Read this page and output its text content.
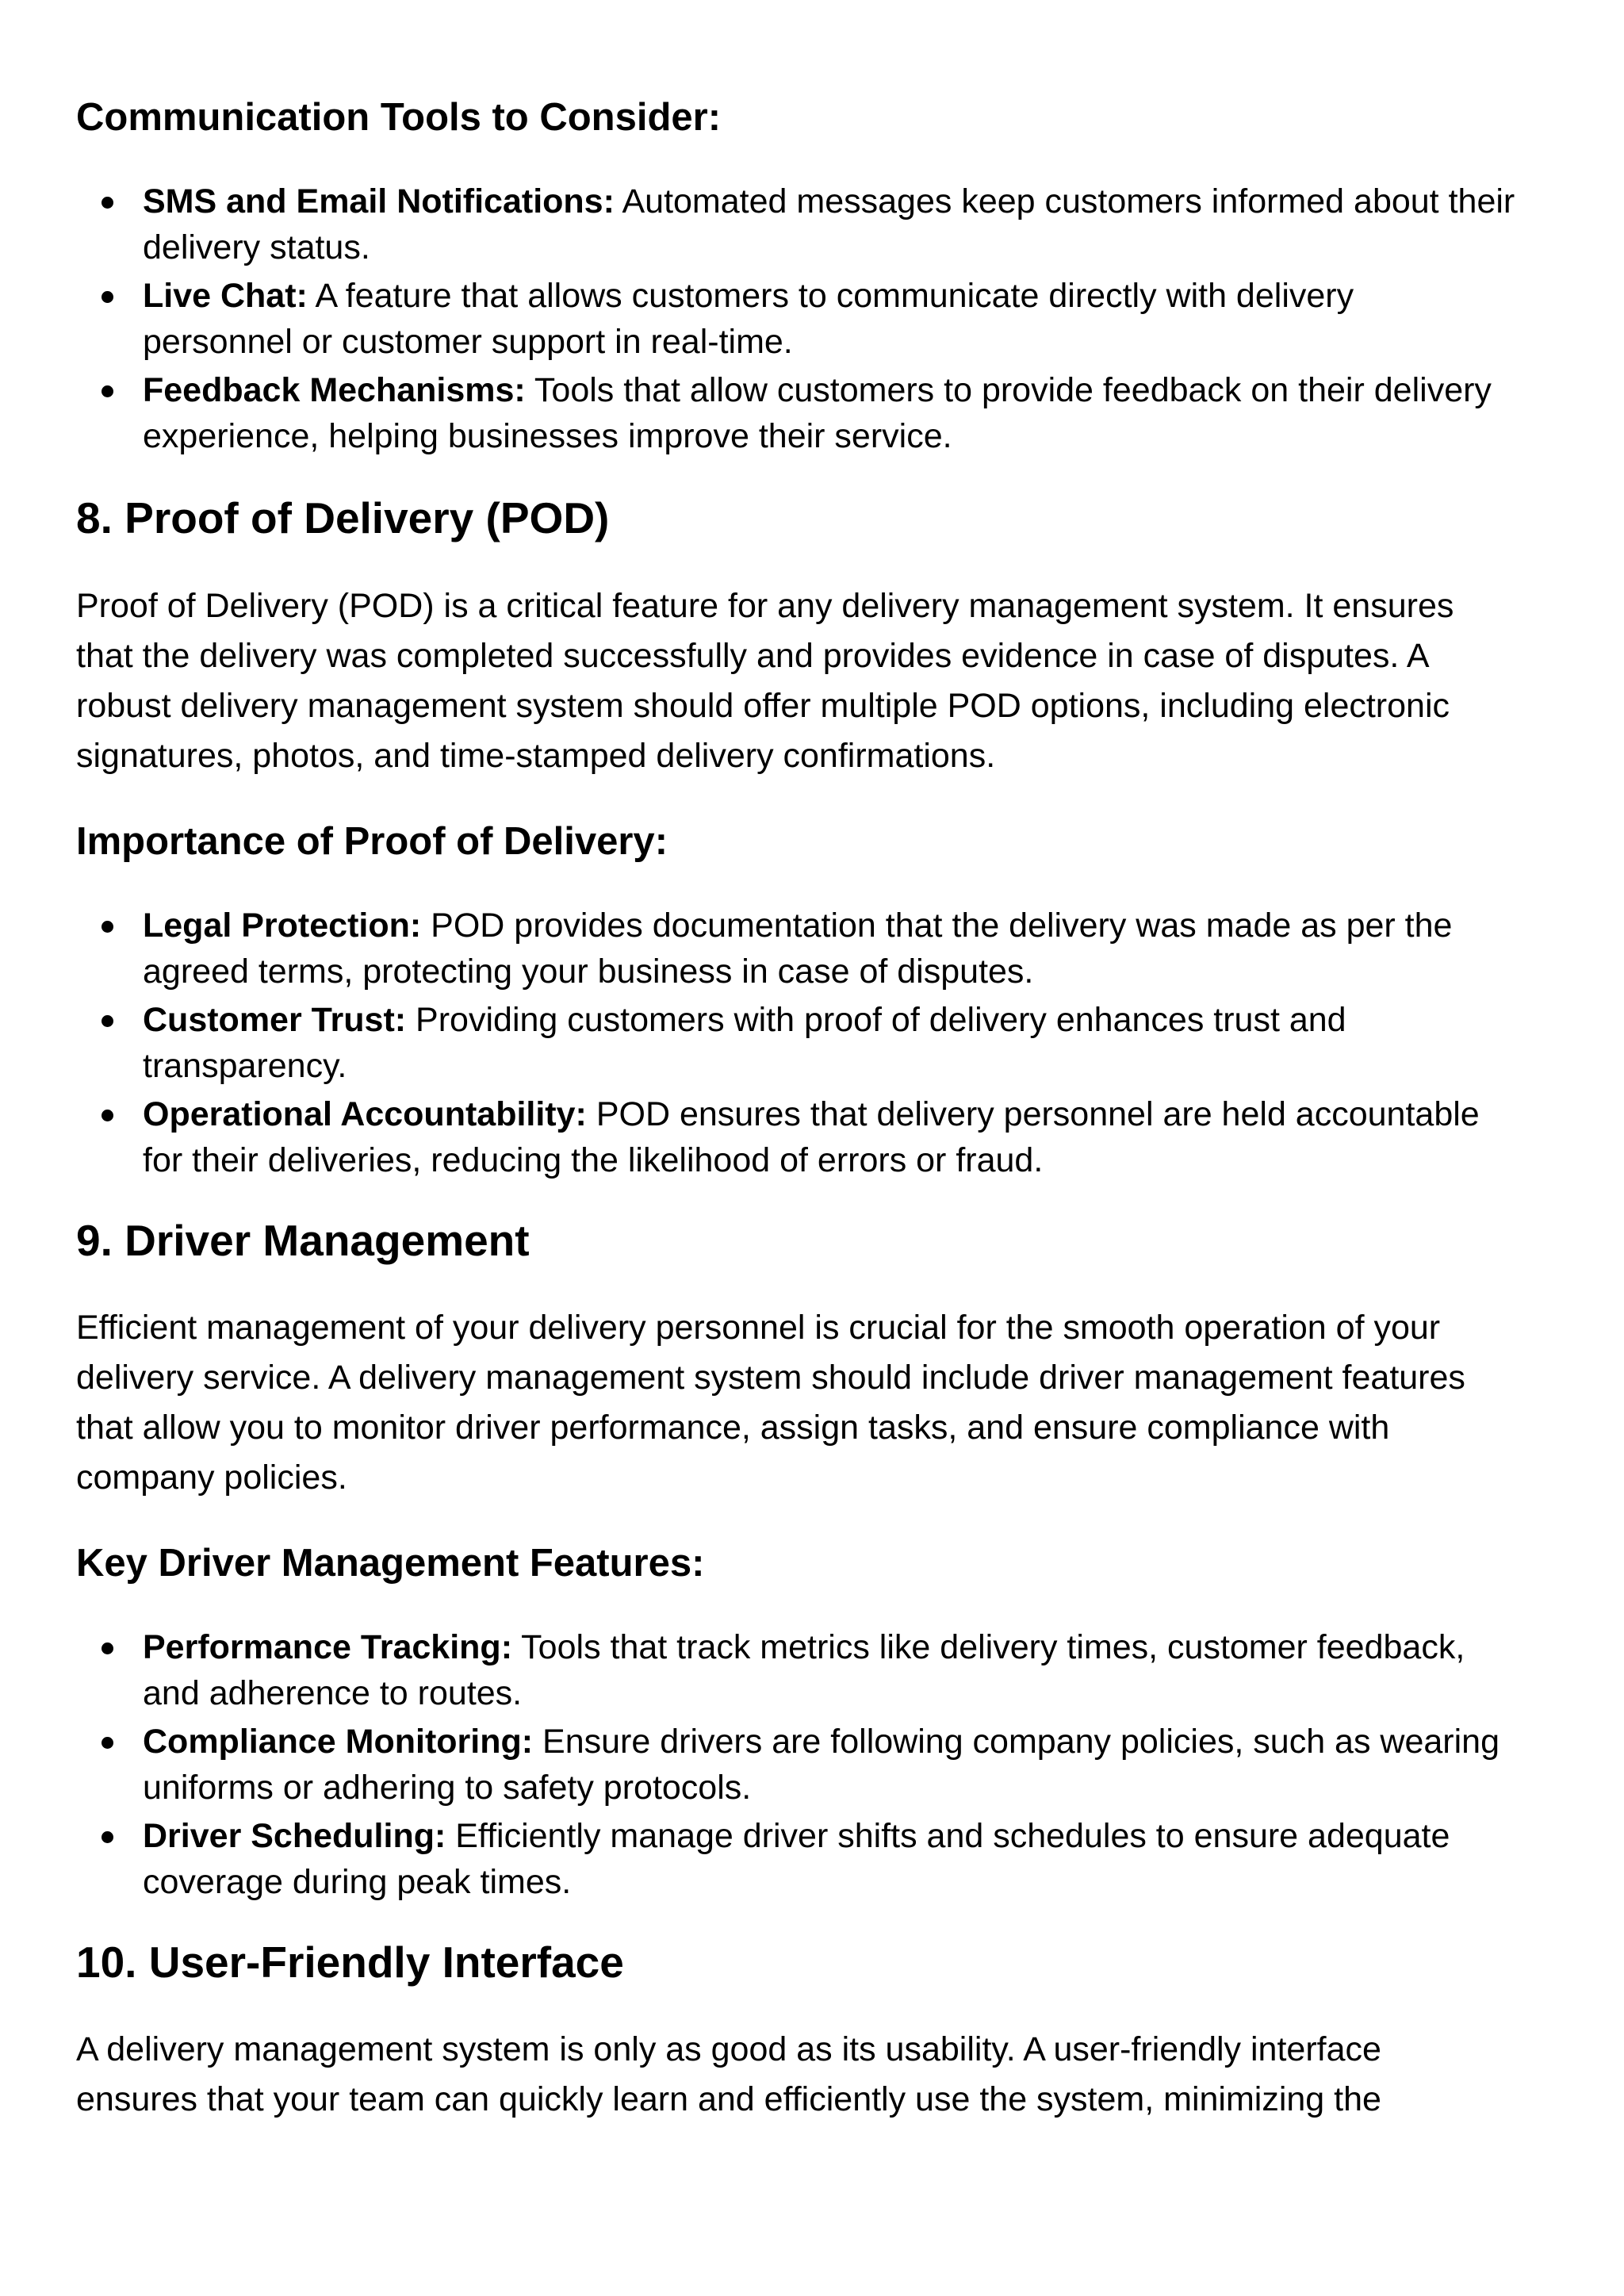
Communication Tools to Consider:
SMS and Email Notifications: Automated messages keep customers informed about their
delivery status.
Live Chat: A feature that allows customers to communicate directly with delivery
personnel or customer support in real-time.
Feedback Mechanisms: Tools that allow customers to provide feedback on their delivery
experience, helping businesses improve their service.
8. Proof of Delivery (POD)

Proof of Delivery (POD) is a critical feature for any delivery management system. It ensures
that the delivery was completed successfully and provides evidence in case of disputes. A
robust delivery management system should offer multiple POD options, including electronic
signatures, photos, and time-stamped delivery confirmations.

Importance of Proof of Delivery:
Legal Protection: POD provides documentation that the delivery was made as per the
agreed terms, protecting your business in case of disputes.
Customer Trust: Providing customers with proof of delivery enhances trust and
transparency.
Operational Accountability: POD ensures that delivery personnel are held accountable
for their deliveries, reducing the likelihood of errors or fraud.
9. Driver Management

Efficient management of your delivery personnel is crucial for the smooth operation of your
delivery service. A delivery management system should include driver management features
that allow you to monitor driver performance, assign tasks, and ensure compliance with
company policies.

Key Driver Management Features:
Performance Tracking: Tools that track metrics like delivery times, customer feedback,
and adherence to routes.
Compliance Monitoring: Ensure drivers are following company policies, such as wearing
uniforms or adhering to safety protocols.
Driver Scheduling: Efficiently manage driver shifts and schedules to ensure adequate
coverage during peak times.
10. User-Friendly Interface

A delivery management system is only as good as its usability. A user-friendly interface
ensures that your team can quickly learn and efficiently use the system, minimizing the
